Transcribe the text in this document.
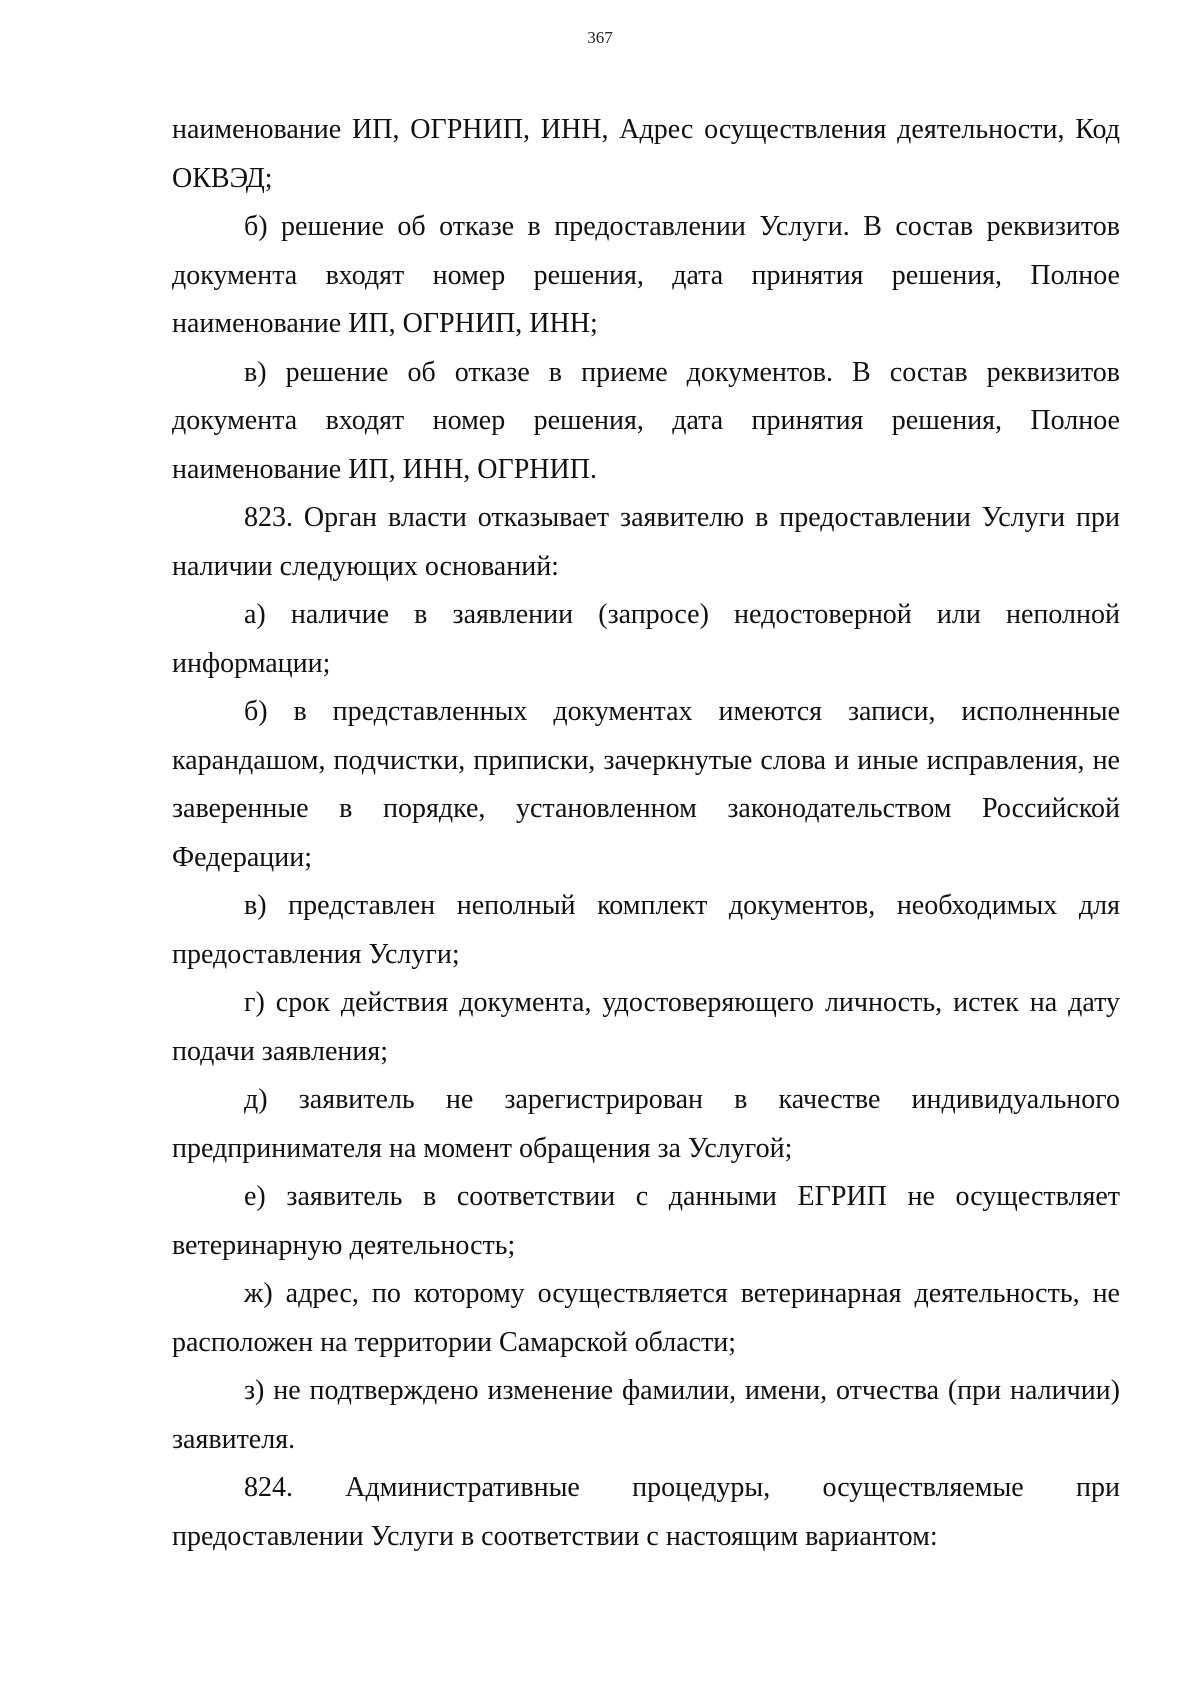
367

наименование ИП, ОГРНИП, ИНН, Адрес осуществления деятельности, Код ОКВЭД;

б) решение об отказе в предоставлении Услуги. В состав реквизитов документа входят номер решения, дата принятия решения, Полное наименование ИП, ОГРНИП, ИНН;

в) решение об отказе в приеме документов. В состав реквизитов документа входят номер решения, дата принятия решения, Полное наименование ИП, ИНН, ОГРНИП.

823. Орган власти отказывает заявителю в предоставлении Услуги при наличии следующих оснований:

а) наличие в заявлении (запросе) недостоверной или неполной информации;

б) в представленных документах имеются записи, исполненные карандашом, подчистки, приписки, зачеркнутые слова и иные исправления, не заверенные в порядке, установленном законодательством Российской Федерации;

в) представлен неполный комплект документов, необходимых для предоставления Услуги;

г) срок действия документа, удостоверяющего личность, истек на дату подачи заявления;

д) заявитель не зарегистрирован в качестве индивидуального предпринимателя на момент обращения за Услугой;

е) заявитель в соответствии с данными ЕГРИП не осуществляет ветеринарную деятельность;

ж) адрес, по которому осуществляется ветеринарная деятельность, не расположен на территории Самарской области;

з) не подтверждено изменение фамилии, имени, отчества (при наличии) заявителя.

824. Административные процедуры, осуществляемые при предоставлении Услуги в соответствии с настоящим вариантом:
